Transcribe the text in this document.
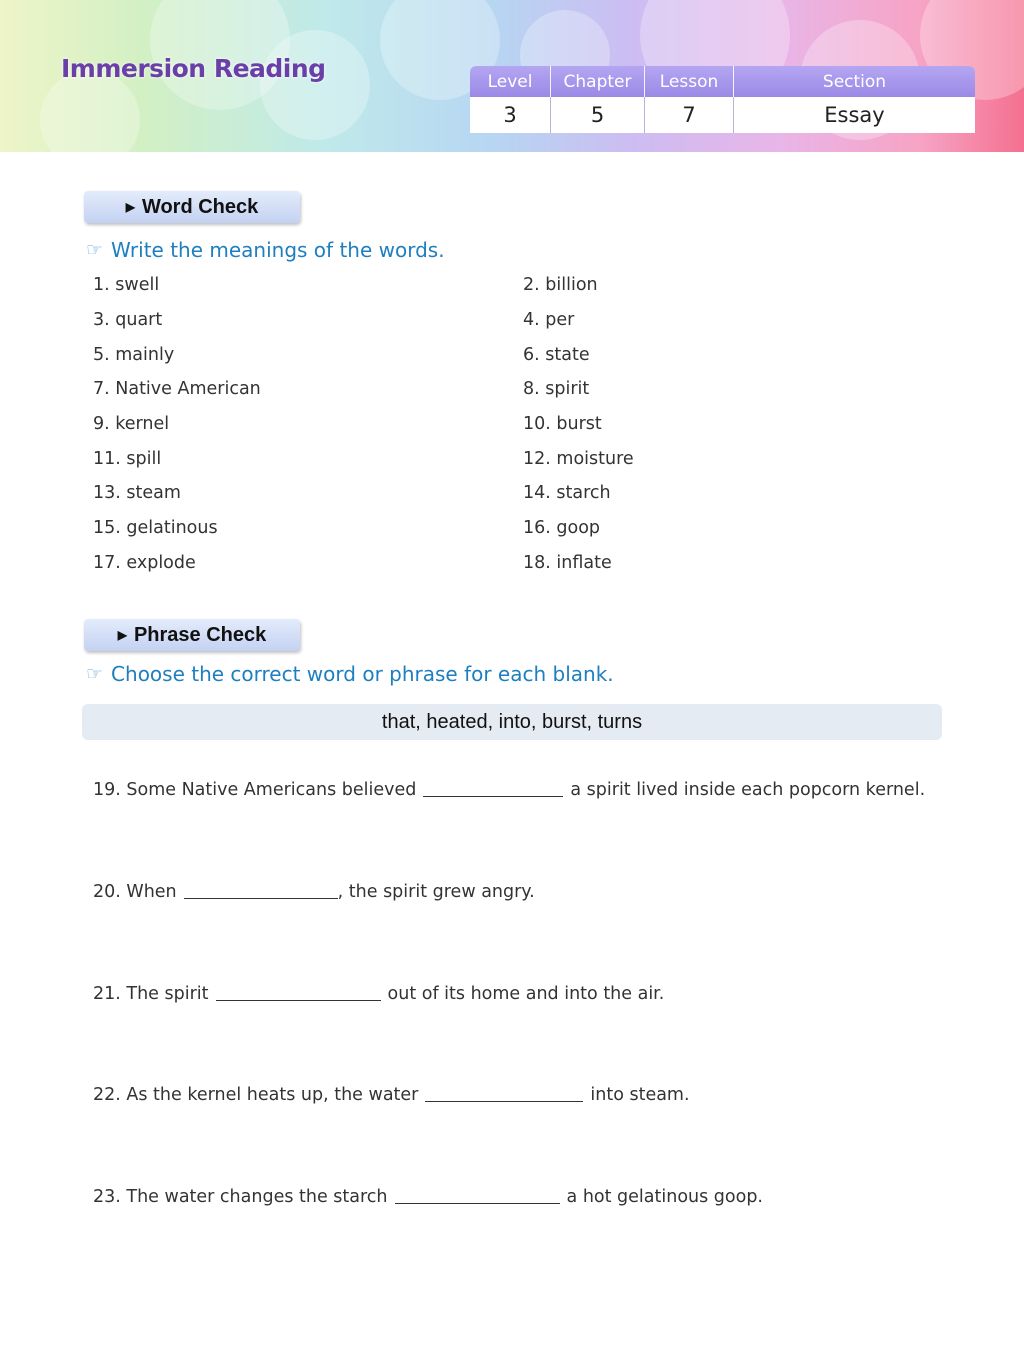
Immersion Reading	Level	Chapter	Lesson	Section
3	5	7	Essay
▶ Word Check
☞ Write the meanings of the words.
1. swell	2. billion
3. quart	4. per
5. mainly	6. state
7. Native American	8. spirit
9. kernel	10. burst
11. spill	12. moisture
13. steam	14. starch
15. gelatinous	16. goop
17. explode	18. inflate
▶ Phrase Check
☞ Choose the correct word or phrase for each blank.
that, heated, into, burst, turns
19. Some Native Americans believed	a spirit lived inside each popcorn kernel.
20. When	, the spirit grew angry.
21. The spirit	out of its home and into the air.
22. As the kernel heats up, the water	into steam.
23. The water changes the starch	a hot gelatinous goop.
